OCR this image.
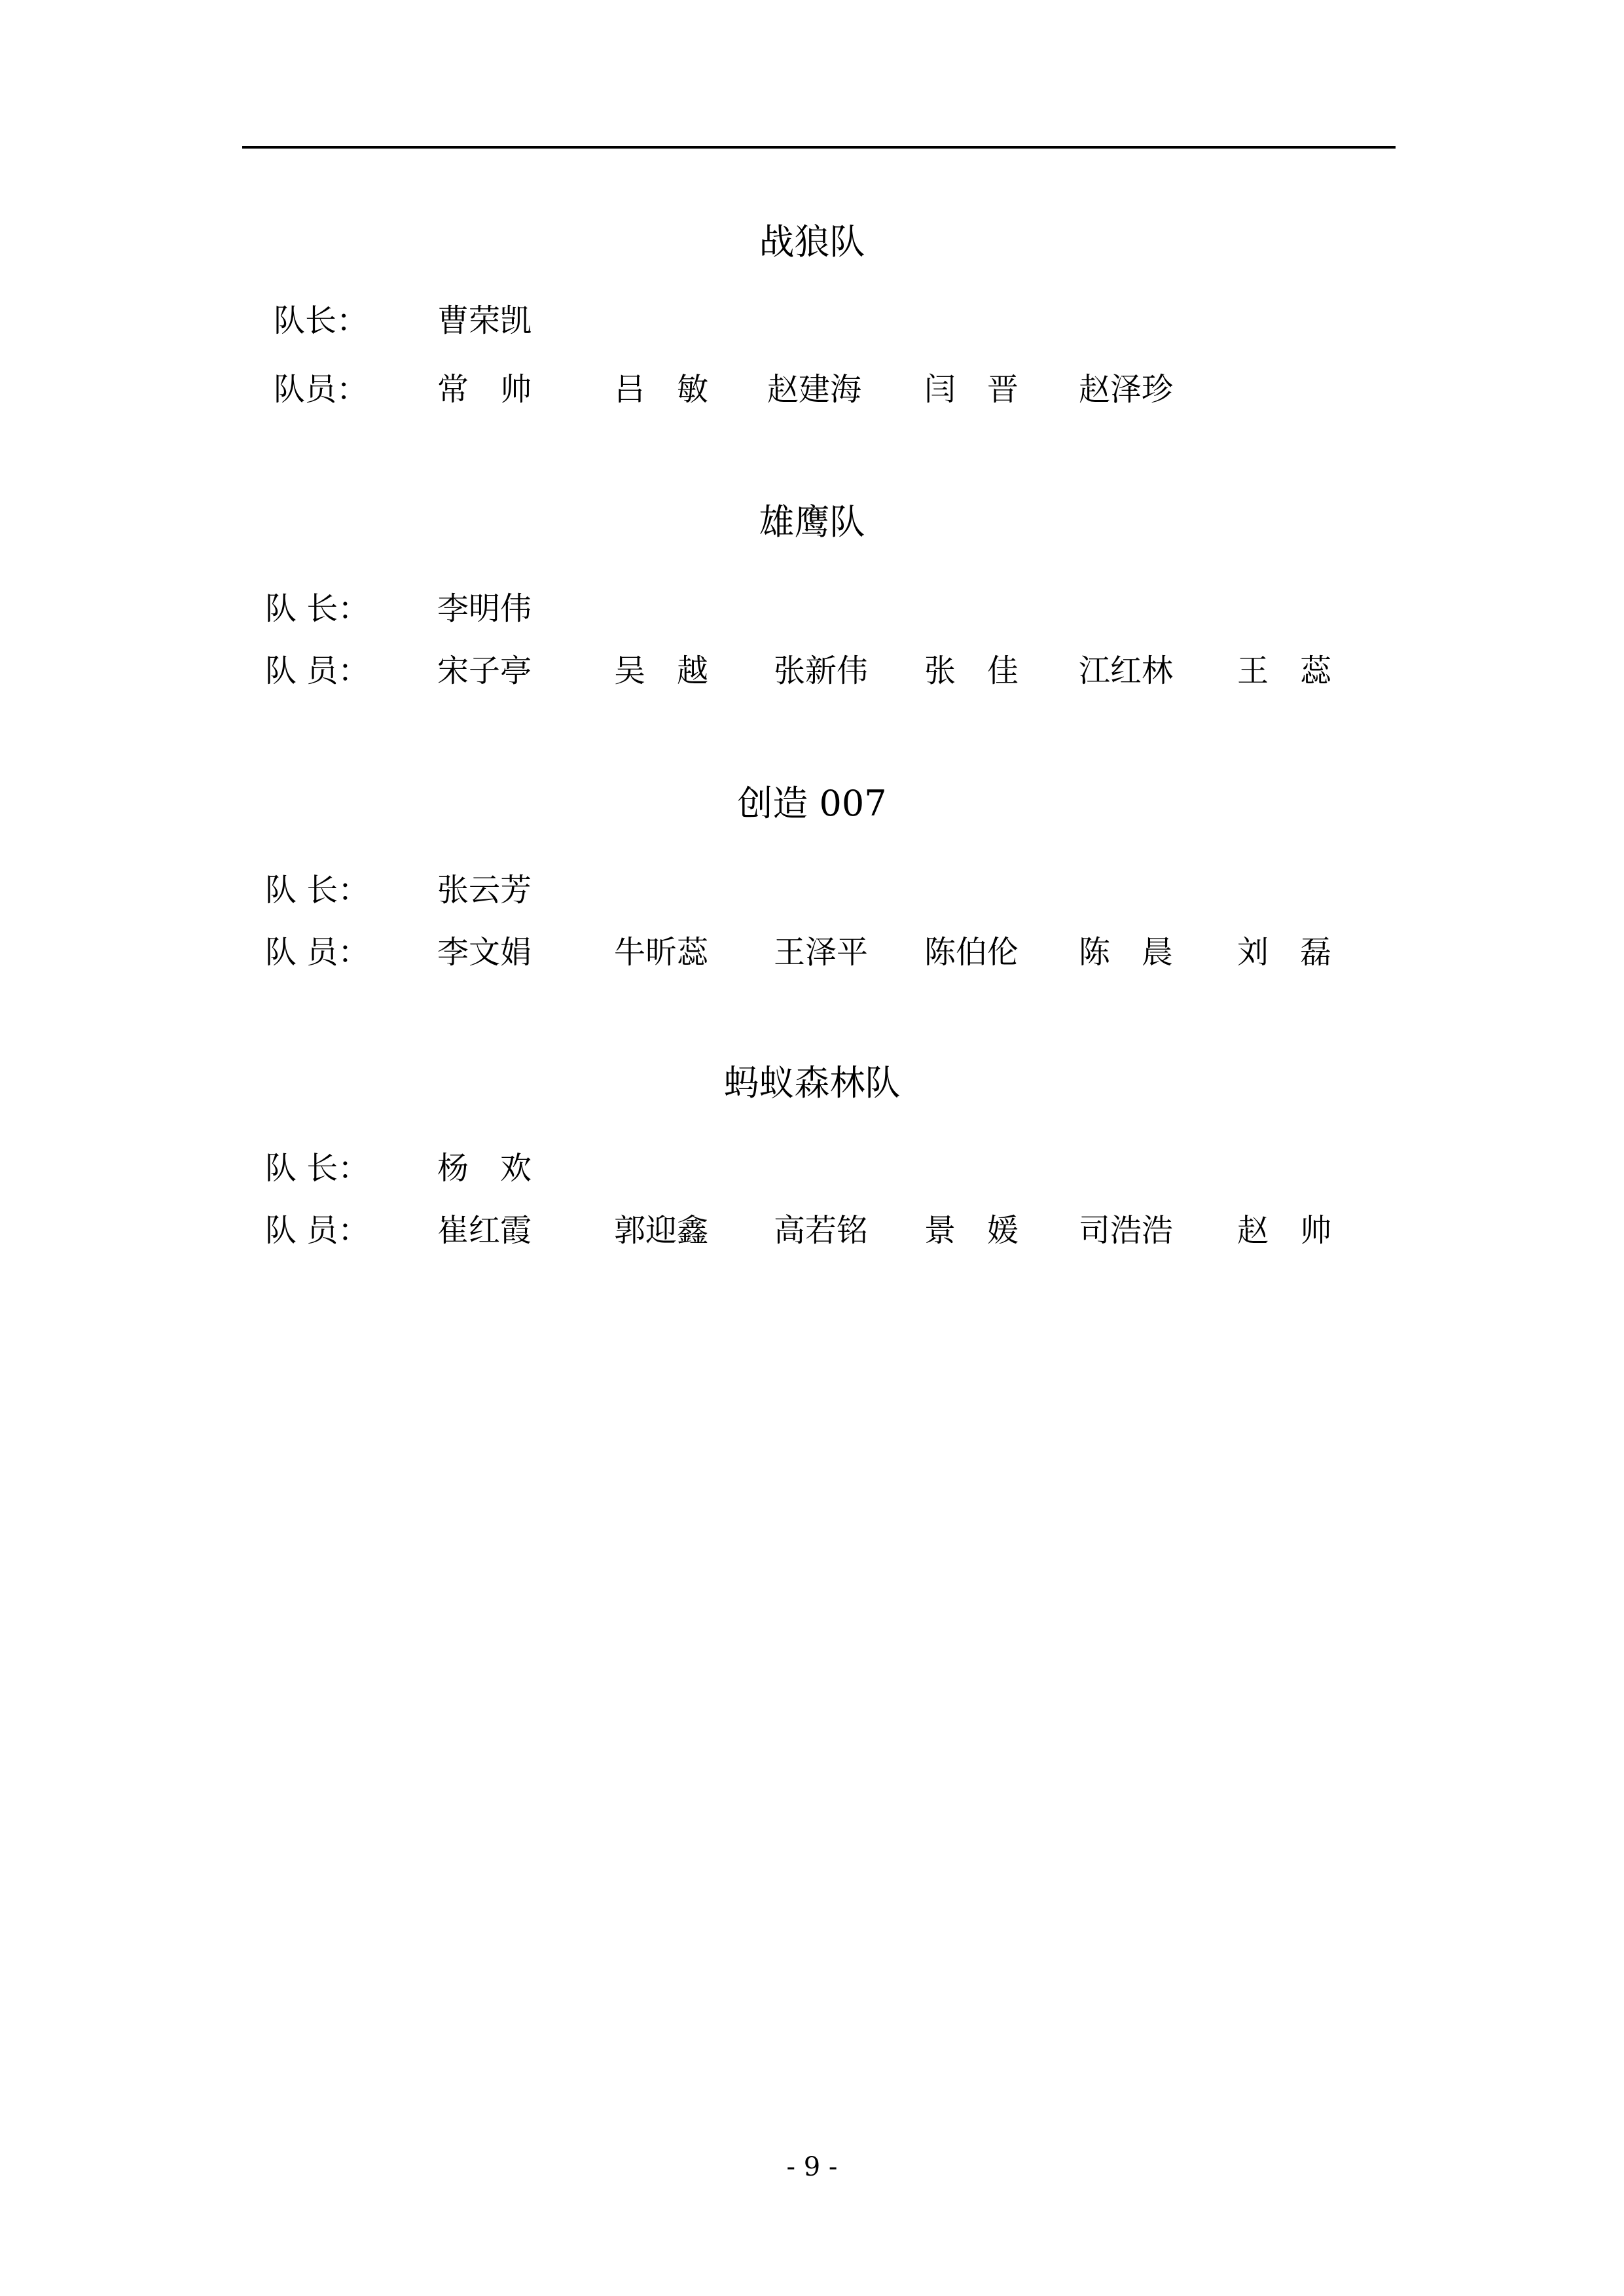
战狼队
队长： 曹荣凯
队员： 常　帅	吕　敏 赵建海 闫　晋 赵泽珍
雄鹰队
队 长： 李明伟
队 员： 宋子亭	吴　越 张新伟 张　佳 江红林 王　蕊
创造 007
队 长： 张云芳
队 员： 李文娟	牛昕蕊 王泽平 陈伯伦 陈　晨 刘　磊
蚂蚁森林队
队 长： 杨　欢
队 员： 崔红霞	郭迎鑫 高若铭 景　媛 司浩浩 赵　帅
- 9 -
